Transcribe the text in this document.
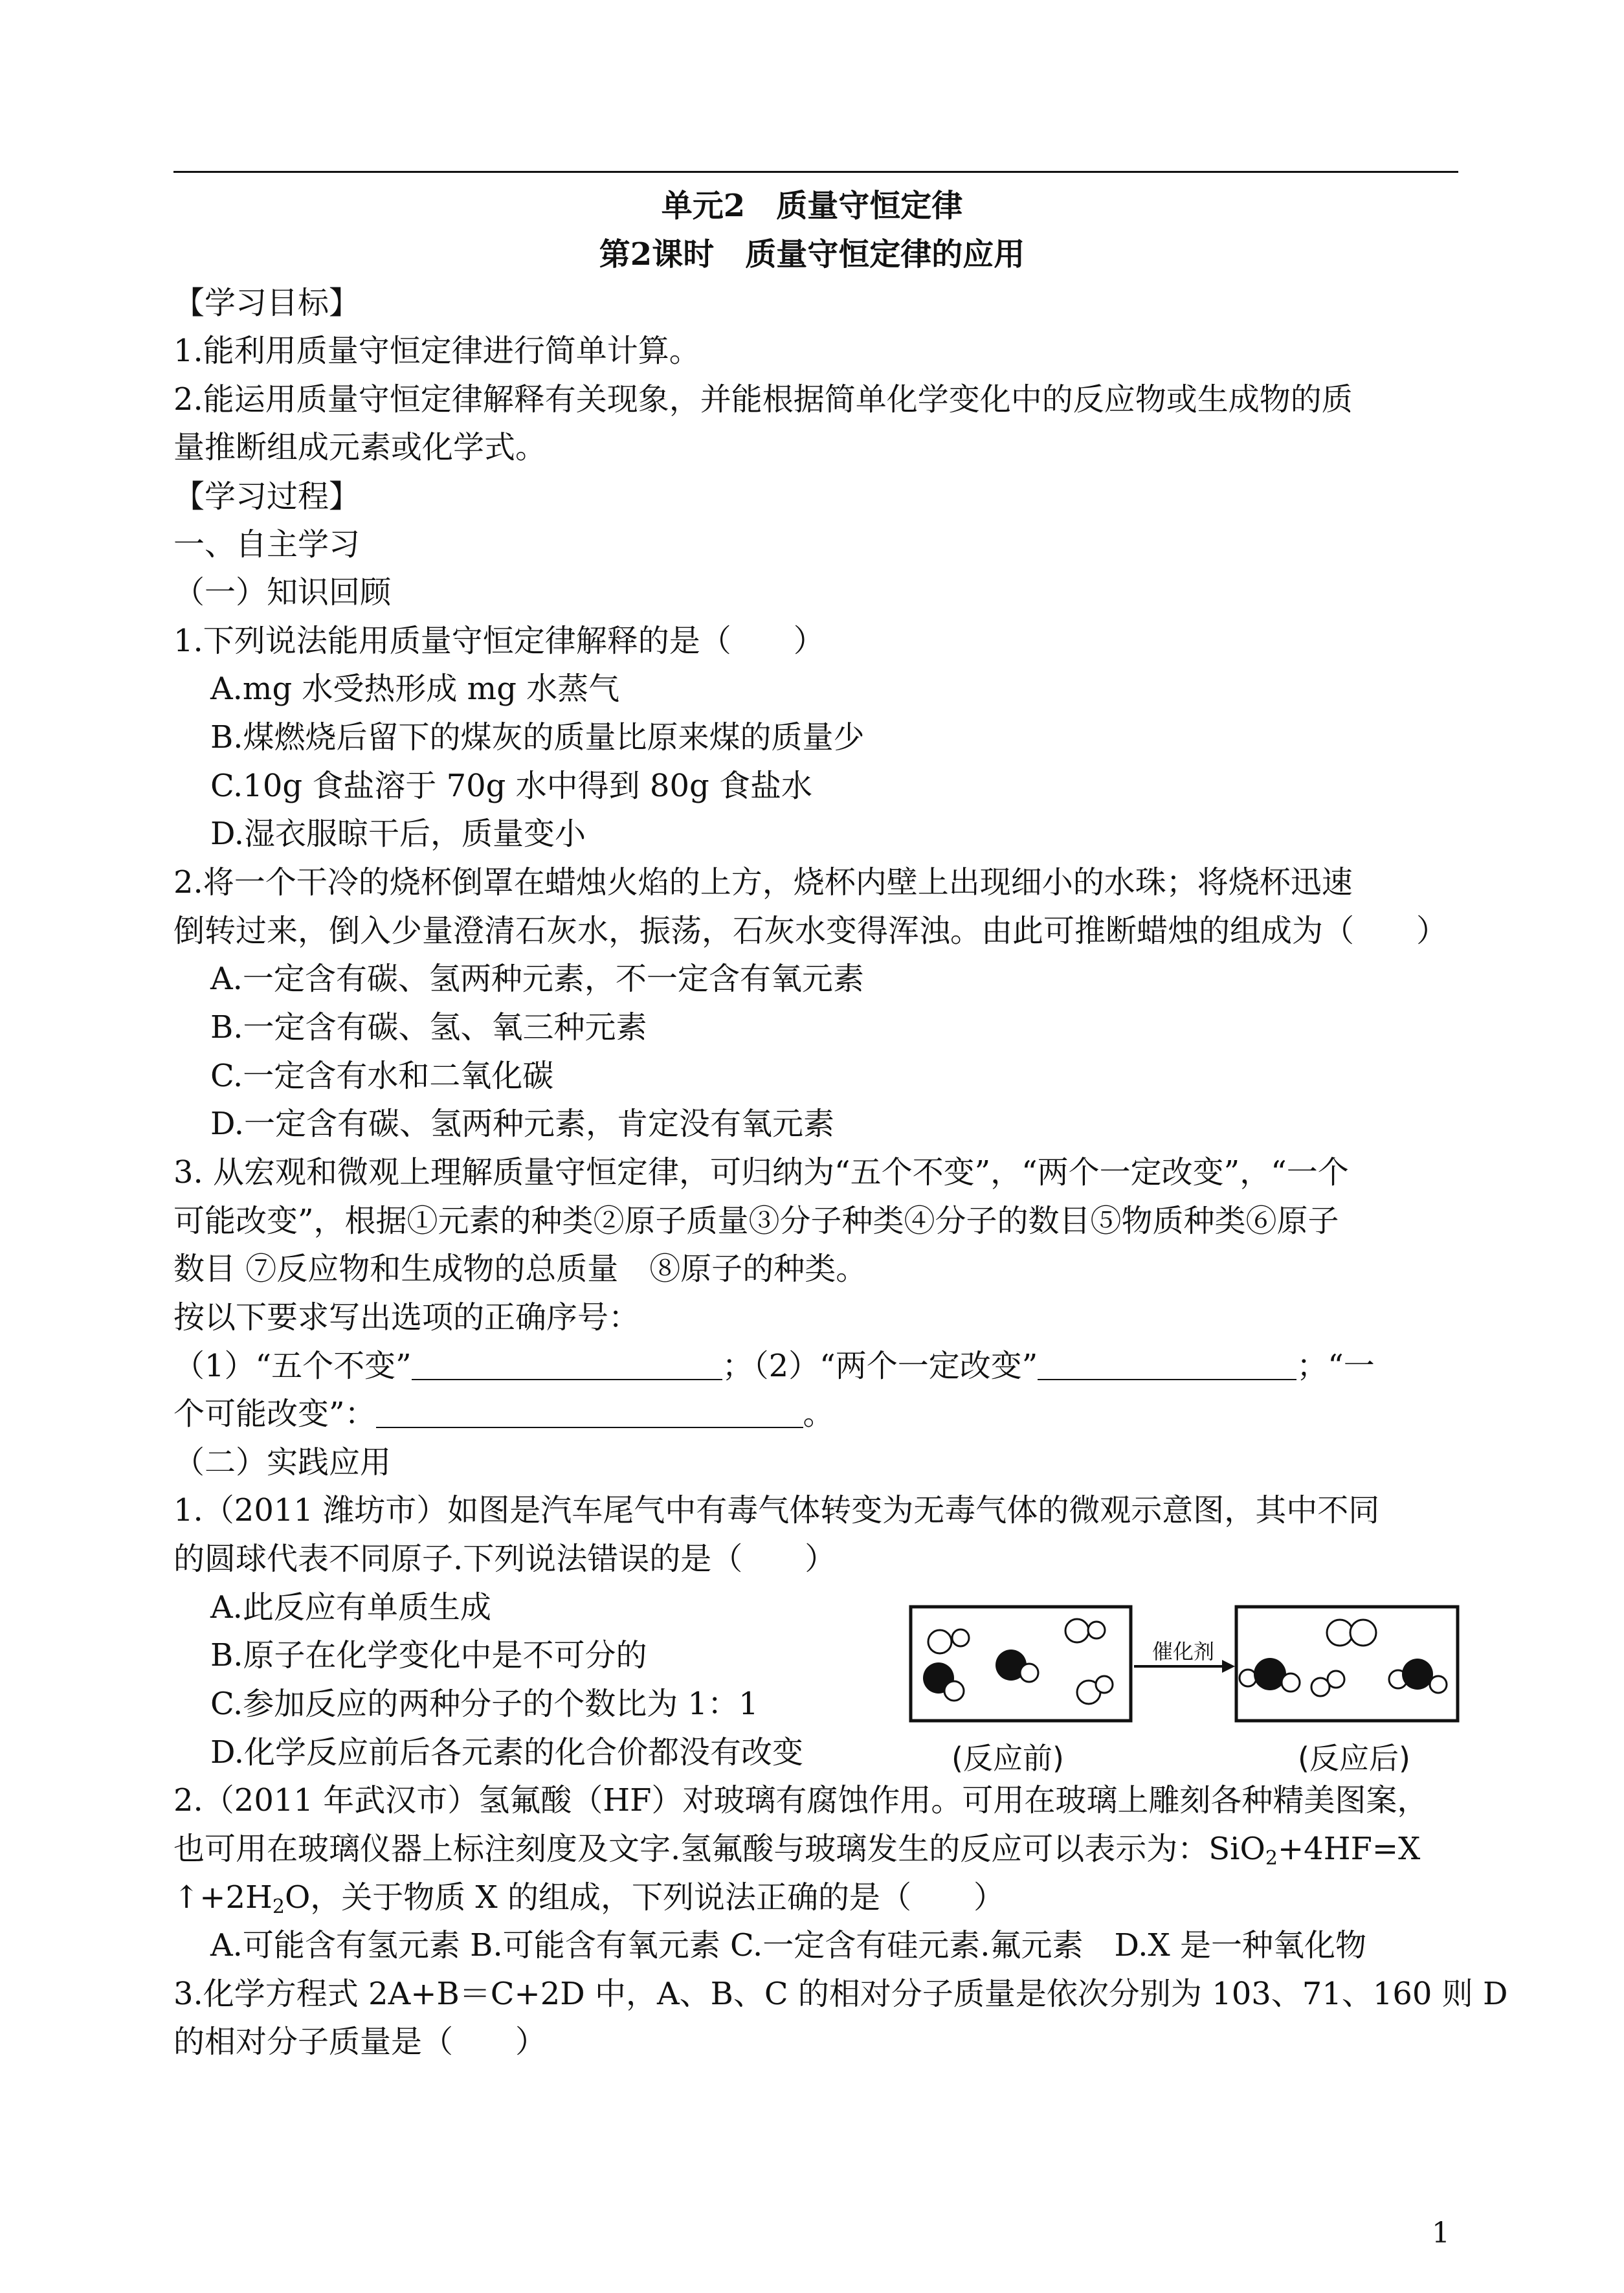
单元2　质量守恒定律
第2课时　质量守恒定律的应用
【学习目标】
1.能利用质量守恒定律进行简单计算。
2.能运用质量守恒定律解释有关现象，并能根据简单化学变化中的反应物或生成物的质
量推断组成元素或化学式。
【学习过程】
一、自主学习
（一）知识回顾
1.下列说法能用质量守恒定律解释的是（　　）
A.mg 水受热形成 mg 水蒸气
B.煤燃烧后留下的煤灰的质量比原来煤的质量少
C.10g 食盐溶于 70g 水中得到 80g 食盐水
D.湿衣服晾干后，质量变小
2.将一个干冷的烧杯倒罩在蜡烛火焰的上方，烧杯内壁上出现细小的水珠；将烧杯迅速
倒转过来，倒入少量澄清石灰水，振荡，石灰水变得浑浊。由此可推断蜡烛的组成为（　　）
A.一定含有碳、氢两种元素，不一定含有氧元素
B.一定含有碳、氢、氧三种元素
C.一定含有水和二氧化碳
D.一定含有碳、氢两种元素，肯定没有氧元素
3. 从宏观和微观上理解质量守恒定律，可归纳为“五个不变”，“两个一定改变”，“一个
可能改变”，根据①元素的种类②原子质量③分子种类④分子的数目⑤物质种类⑥原子
数目 ⑦反应物和生成物的总质量　⑧原子的种类。
按以下要求写出选项的正确序号：
（1）“五个不变”	；（2）“两个一定改变”	；“一
个可能改变”：	。
（二）实践应用
1.（2011 潍坊市）如图是汽车尾气中有毒气体转变为无毒气体的微观示意图，其中不同
的圆球代表不同原子.下列说法错误的是（　　）
A.此反应有单质生成
B.原子在化学变化中是不可分的
C.参加反应的两种分子的个数比为 1：1
D.化学反应前后各元素的化合价都没有改变
催化剂
(反应前)	(反应后)
2.（2011 年武汉市）氢氟酸（HF）对玻璃有腐蚀作用。可用在玻璃上雕刻各种精美图案，
也可用在玻璃仪器上标注刻度及文字.氢氟酸与玻璃发生的反应可以表示为：SiO$_2$+4HF=X
$↑+2H_2O$，关于物质 X 的组成，下列说法正确的是（　　）
A.可能含有氢元素 B.可能含有氧元素 C.一定含有硅元素.氟元素　D.X 是一种氧化物
3.化学方程式 2A+B＝C+2D 中，A、B、C 的相对分子质量是依次分别为 103、71、160 则 D
的相对分子质量是（　　）
1
